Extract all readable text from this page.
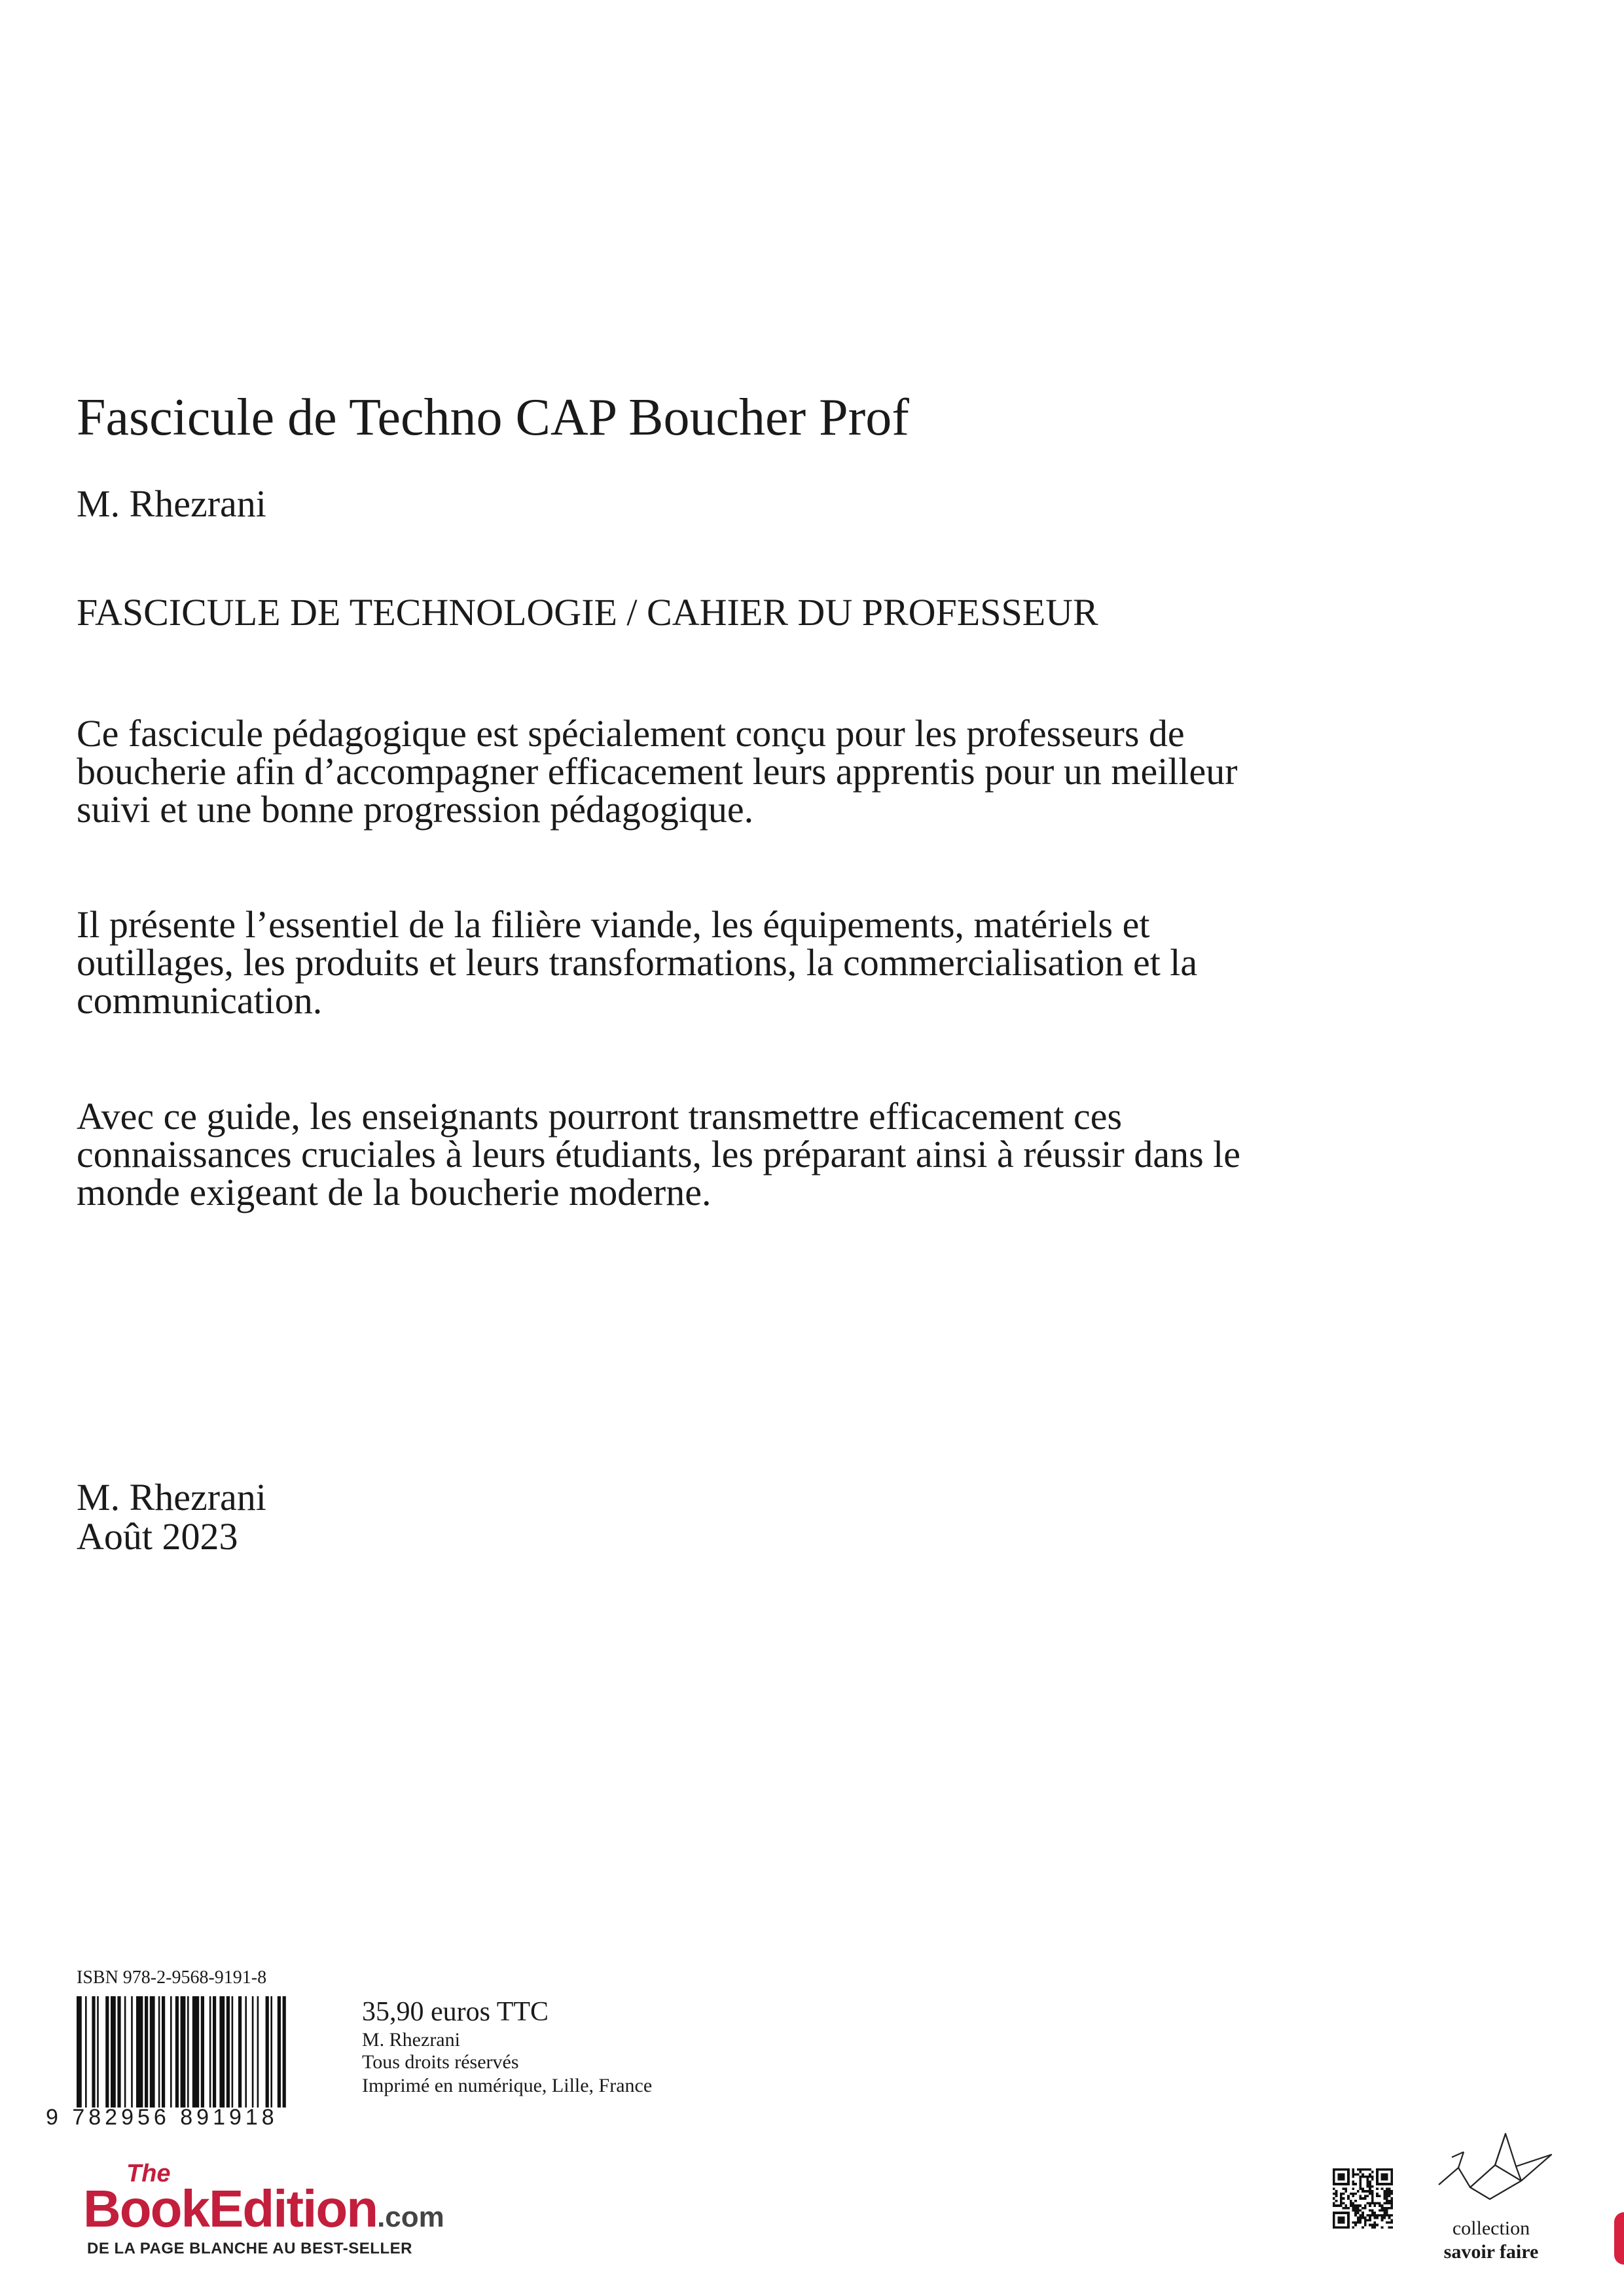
Fascicule de Techno CAP Boucher Prof
M. Rhezrani
FASCICULE DE TECHNOLOGIE / CAHIER DU PROFESSEUR
Ce fascicule pédagogique est spécialement conçu pour les professeurs de boucherie afin d’accompagner efficacement leurs apprentis pour un meilleur suivi et une bonne progression pédagogique.
Il présente l’essentiel de la filière viande, les équipements, matériels et outillages, les produits et leurs transformations, la commercialisation et la communication.
Avec ce guide, les enseignants pourront transmettre efficacement ces connaissances cruciales à leurs étudiants, les préparant ainsi à réussir dans le monde exigeant de la boucherie moderne.
M. Rhezrani
Août 2023
ISBN 978-2-9568-9191-8
9 782956 891918
35,90 euros TTC
M. Rhezrani
Tous droits réservés
Imprimé en numérique, Lille, France
The
BookEdition.com
DE LA PAGE BLANCHE AU BEST-SELLER
collection
savoir faire
